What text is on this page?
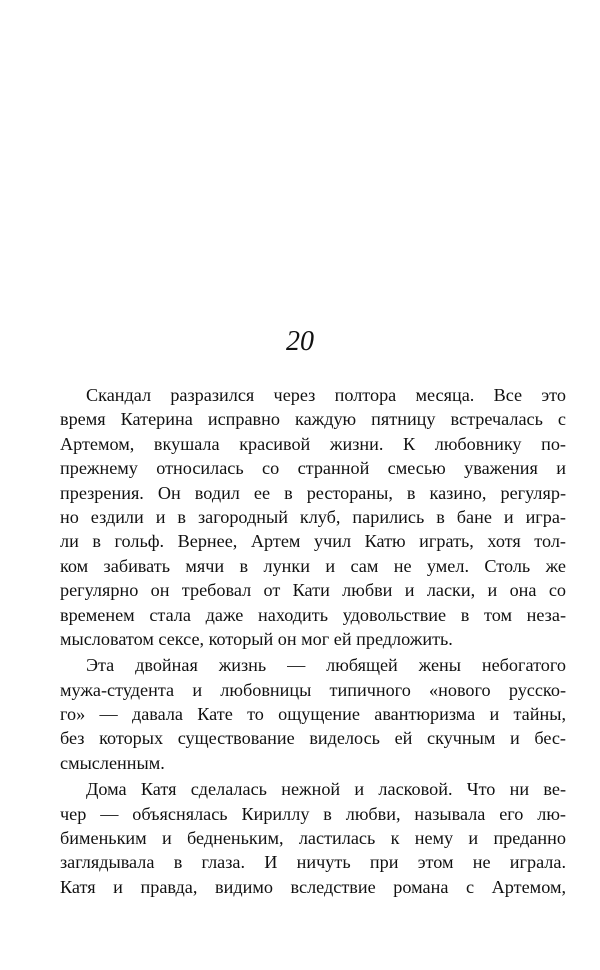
20
Скандал разразился через полтора месяца. Все это
время Катерина исправно каждую пятницу встречалась с
Артемом, вкушала красивой жизни. К любовнику по-
прежнему относилась со странной смесью уважения и
презрения. Он водил ее в рестораны, в казино, регуляр-
но ездили и в загородный клуб, парились в бане и игра-
ли в гольф. Вернее, Артем учил Катю играть, хотя тол-
ком забивать мячи в лунки и сам не умел. Столь же
регулярно он требовал от Кати любви и ласки, и она со
временем стала даже находить удовольствие в том неза-
мысловатом сексе, который он мог ей предложить.
Эта двойная жизнь — любящей жены небогатого
мужа-студента и любовницы типичного «нового русско-
го» — давала Кате то ощущение авантюризма и тайны,
без которых существование виделось ей скучным и бес-
смысленным.
Дома Катя сделалась нежной и ласковой. Что ни ве-
чер — объяснялась Кириллу в любви, называла его лю-
бименьким и бедненьким, ластилась к нему и преданно
заглядывала в глаза. И ничуть при этом не играла.
Катя и правда, видимо вследствие романа с Артемом,
